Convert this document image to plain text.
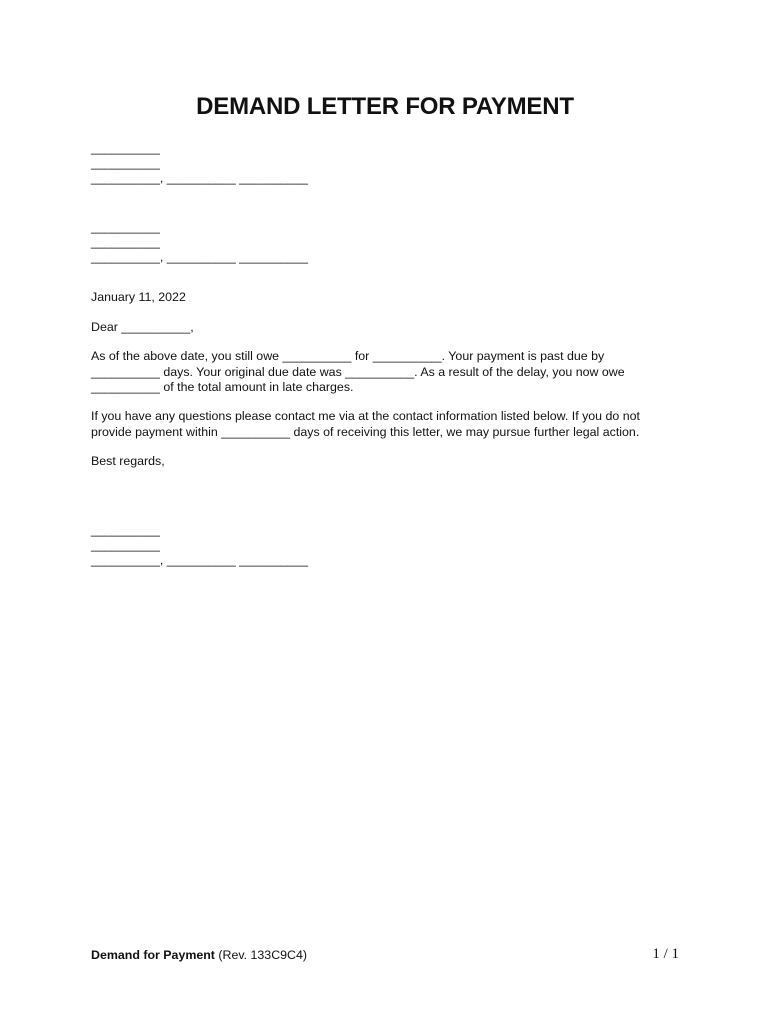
DEMAND LETTER FOR PAYMENT
__________
__________
__________, __________ __________
__________
__________
__________, __________ __________
January 11, 2022
Dear __________,
As of the above date, you still owe __________ for __________. Your payment is past due by
__________ days. Your original due date was __________. As a result of the delay, you now owe
__________ of the total amount in late charges.
If you have any questions please contact me via at the contact information listed below. If you do not
provide payment within __________ days of receiving this letter, we may pursue further legal action.
Best regards,
__________
__________
__________, __________ __________
Demand for Payment (Rev. 133C9C4)	1 / 1
